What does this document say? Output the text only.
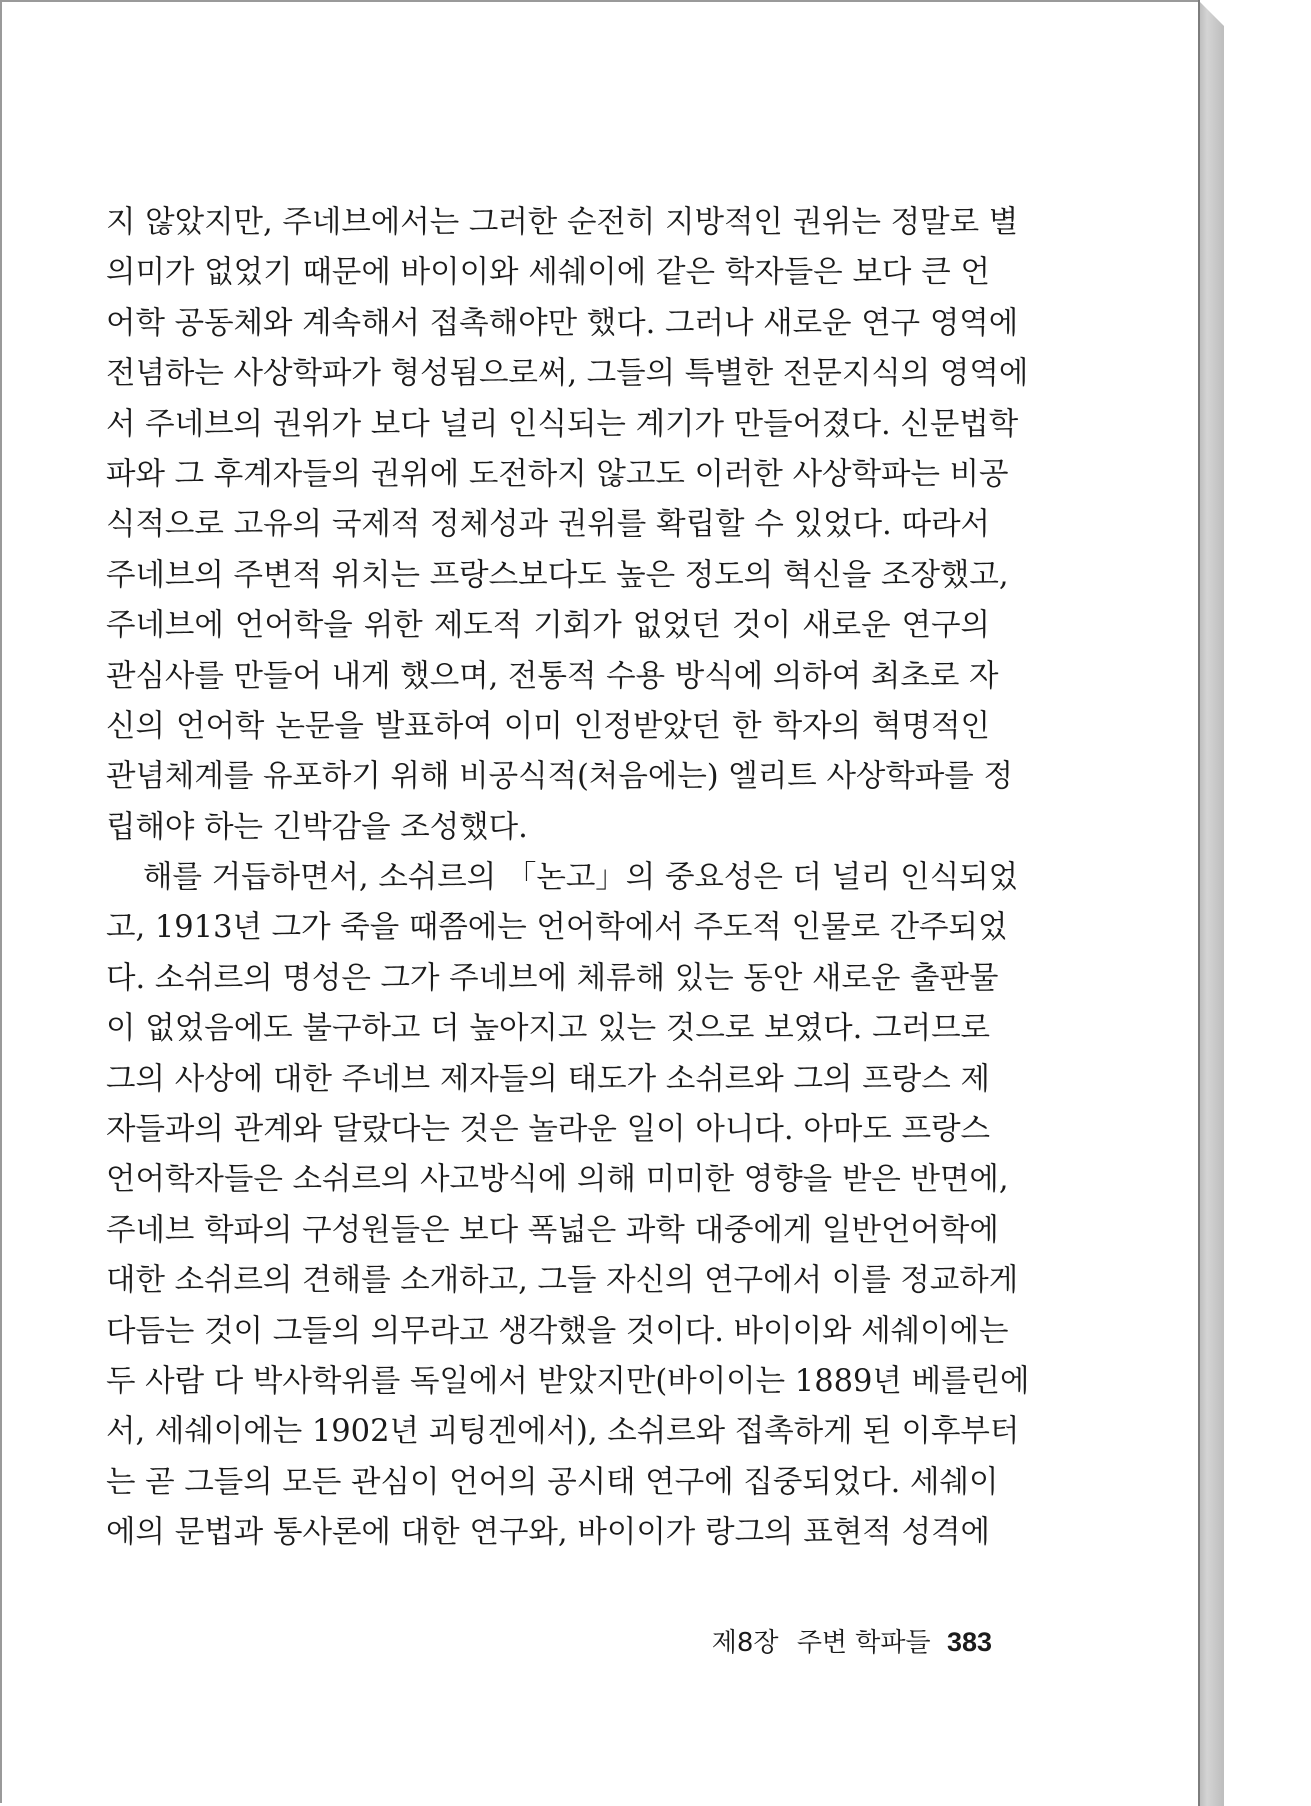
지 않았지만, 주네브에서는 그러한 순전히 지방적인 권위는 정말로 별
의미가 없었기 때문에 바이이와 세쉐이에 같은 학자들은 보다 큰 언
어학 공동체와 계속해서 접촉해야만 했다. 그러나 새로운 연구 영역에
전념하는 사상학파가 형성됨으로써, 그들의 특별한 전문지식의 영역에
서 주네브의 권위가 보다 널리 인식되는 계기가 만들어졌다. 신문법학
파와 그 후계자들의 권위에 도전하지 않고도 이러한 사상학파는 비공
식적으로 고유의 국제적 정체성과 권위를 확립할 수 있었다. 따라서
주네브의 주변적 위치는 프랑스보다도 높은 정도의 혁신을 조장했고,
주네브에 언어학을 위한 제도적 기회가 없었던 것이 새로운 연구의
관심사를 만들어 내게 했으며, 전통적 수용 방식에 의하여 최초로 자
신의 언어학 논문을 발표하여 이미 인정받았던 한 학자의 혁명적인
관념체계를 유포하기 위해 비공식적(처음에는) 엘리트 사상학파를 정
립해야 하는 긴박감을 조성했다.
해를 거듭하면서, 소쉬르의 「논고」의 중요성은 더 널리 인식되었
고, 1913년 그가 죽을 때쯤에는 언어학에서 주도적 인물로 간주되었
다. 소쉬르의 명성은 그가 주네브에 체류해 있는 동안 새로운 출판물
이 없었음에도 불구하고 더 높아지고 있는 것으로 보였다. 그러므로
그의 사상에 대한 주네브 제자들의 태도가 소쉬르와 그의 프랑스 제
자들과의 관계와 달랐다는 것은 놀라운 일이 아니다. 아마도 프랑스
언어학자들은 소쉬르의 사고방식에 의해 미미한 영향을 받은 반면에,
주네브 학파의 구성원들은 보다 폭넓은 과학 대중에게 일반언어학에
대한 소쉬르의 견해를 소개하고, 그들 자신의 연구에서 이를 정교하게
다듬는 것이 그들의 의무라고 생각했을 것이다. 바이이와 세쉐이에는
두 사람 다 박사학위를 독일에서 받았지만(바이이는 1889년 베를린에
서, 세쉐이에는 1902년 괴팅겐에서), 소쉬르와 접촉하게 된 이후부터
는 곧 그들의 모든 관심이 언어의 공시태 연구에 집중되었다. 세쉐이
에의 문법과 통사론에 대한 연구와, 바이이가 랑그의 표현적 성격에
제8장 주변 학파들 383
